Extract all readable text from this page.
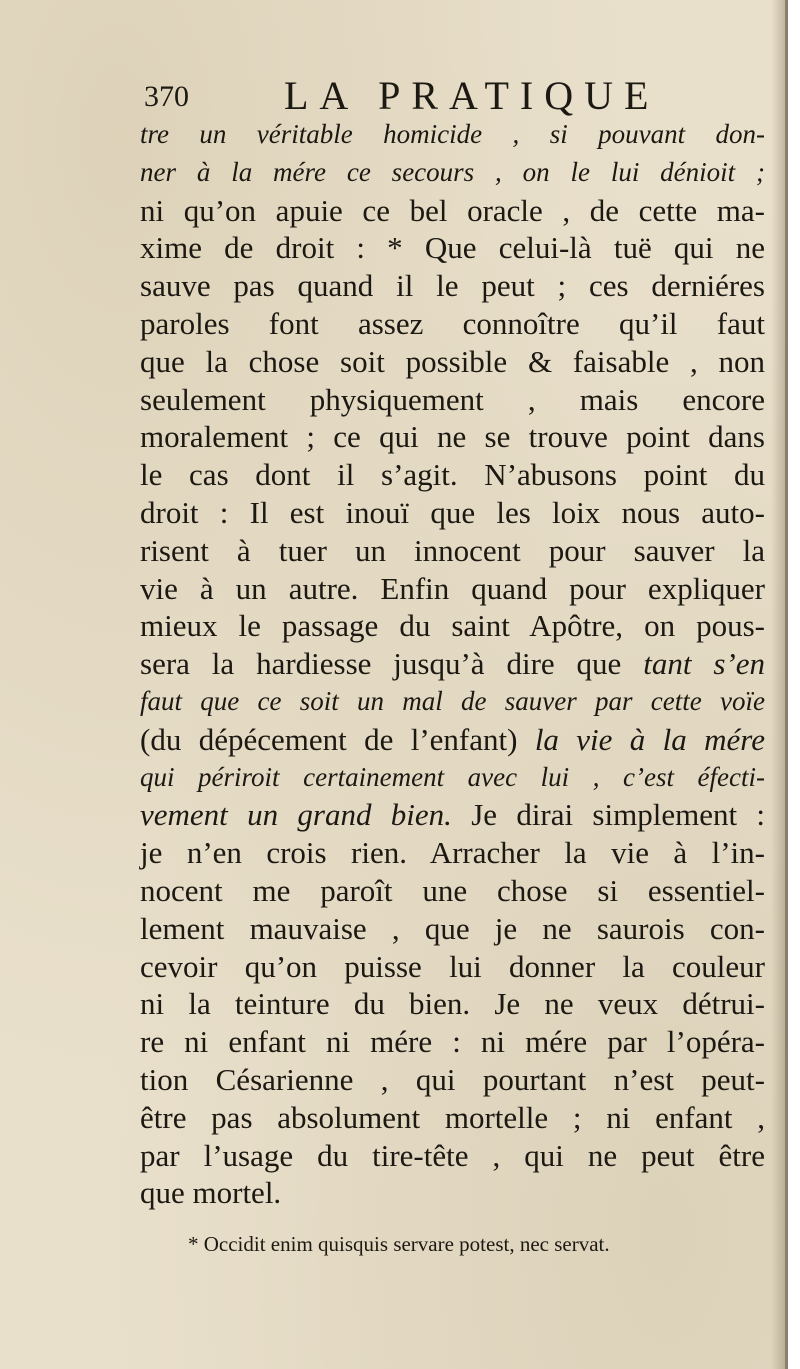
370 LA PRATIQUE
tre un véritable homicide , si pouvant don-
ner à la mére ce secours , on le lui dénioit ;
ni qu’on apuie ce bel oracle , de cette ma-
xime de droit : * Que celui-là tuë qui ne
sauve pas quand il le peut ; ces derniéres
paroles font assez connoître qu’il faut
que la chose soit possible & faisable , non
seulement physiquement , mais encore
moralement ; ce qui ne se trouve point dans
le cas dont il s’agit. N’abusons point du
droit : Il est inouï que les loix nous auto-
risent à tuer un innocent pour sauver la
vie à un autre. Enfin quand pour expliquer
mieux le passage du saint Apôtre, on pous-
sera la hardiesse jusqu’à dire que tant s’en
faut que ce soit un mal de sauver par cette voïe
(du dépécement de l’enfant) la vie à la mére
qui périroit certainement avec lui , c’est éfecti-
vement un grand bien. Je dirai simplement :
je n’en crois rien. Arracher la vie à l’in-
nocent me paroît une chose si essentiel-
lement mauvaise , que je ne saurois con-
cevoir qu’on puisse lui donner la couleur
ni la teinture du bien. Je ne veux détrui-
re ni enfant ni mére : ni mére par l’opéra-
tion Césarienne , qui pourtant n’est peut-
être pas absolument mortelle ; ni enfant ,
par l’usage du tire-tête , qui ne peut être
que mortel.
* Occidit enim quisquis servare potest, nec servat.
